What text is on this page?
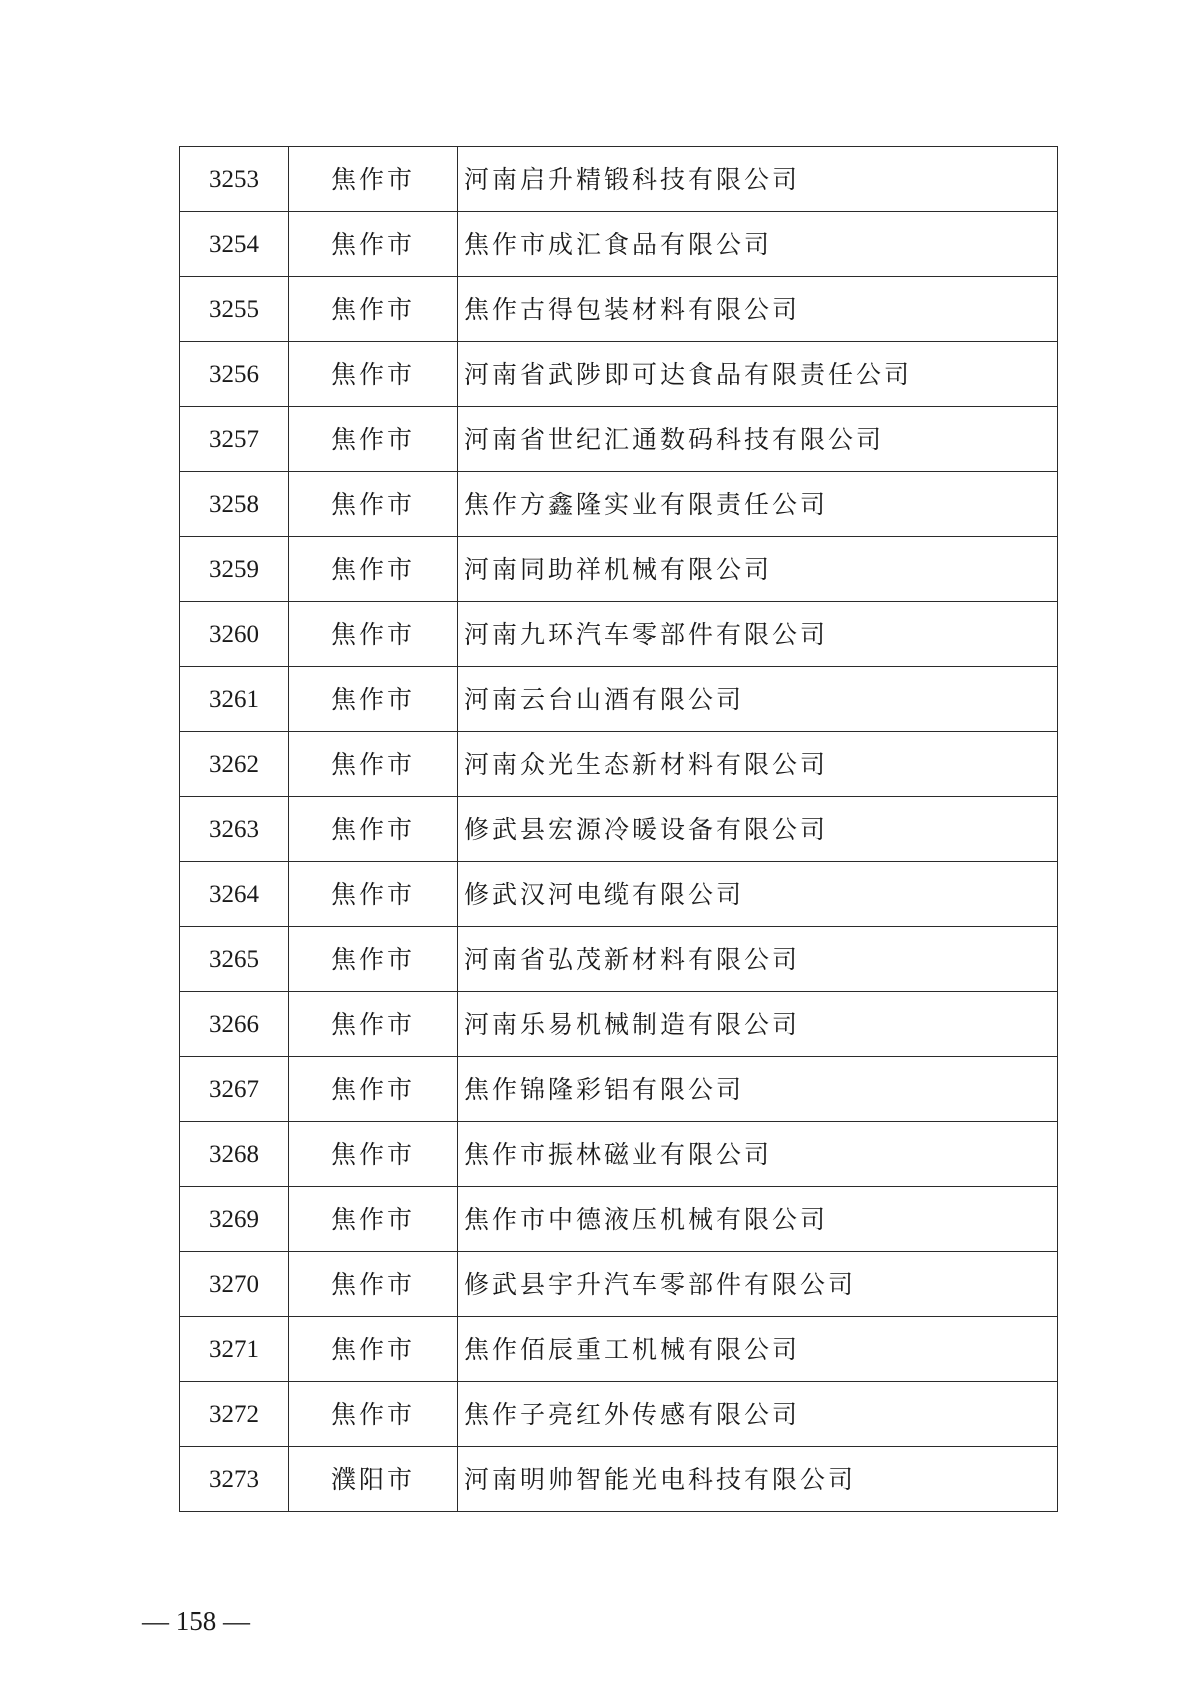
3253	焦作市	河南启升精锻科技有限公司
3254	焦作市	焦作市成汇食品有限公司
3255	焦作市	焦作古得包装材料有限公司
3256	焦作市	河南省武陟即可达食品有限责任公司
3257	焦作市	河南省世纪汇通数码科技有限公司
3258	焦作市	焦作方鑫隆实业有限责任公司
3259	焦作市	河南同助祥机械有限公司
3260	焦作市	河南九环汽车零部件有限公司
3261	焦作市	河南云台山酒有限公司
3262	焦作市	河南众光生态新材料有限公司
3263	焦作市	修武县宏源冷暖设备有限公司
3264	焦作市	修武汉河电缆有限公司
3265	焦作市	河南省弘茂新材料有限公司
3266	焦作市	河南乐易机械制造有限公司
3267	焦作市	焦作锦隆彩铝有限公司
3268	焦作市	焦作市振林磁业有限公司
3269	焦作市	焦作市中德液压机械有限公司
3270	焦作市	修武县宇升汽车零部件有限公司
3271	焦作市	焦作佰辰重工机械有限公司
3272	焦作市	焦作子亮红外传感有限公司
3273	濮阳市	河南明帅智能光电科技有限公司
— 158 —
